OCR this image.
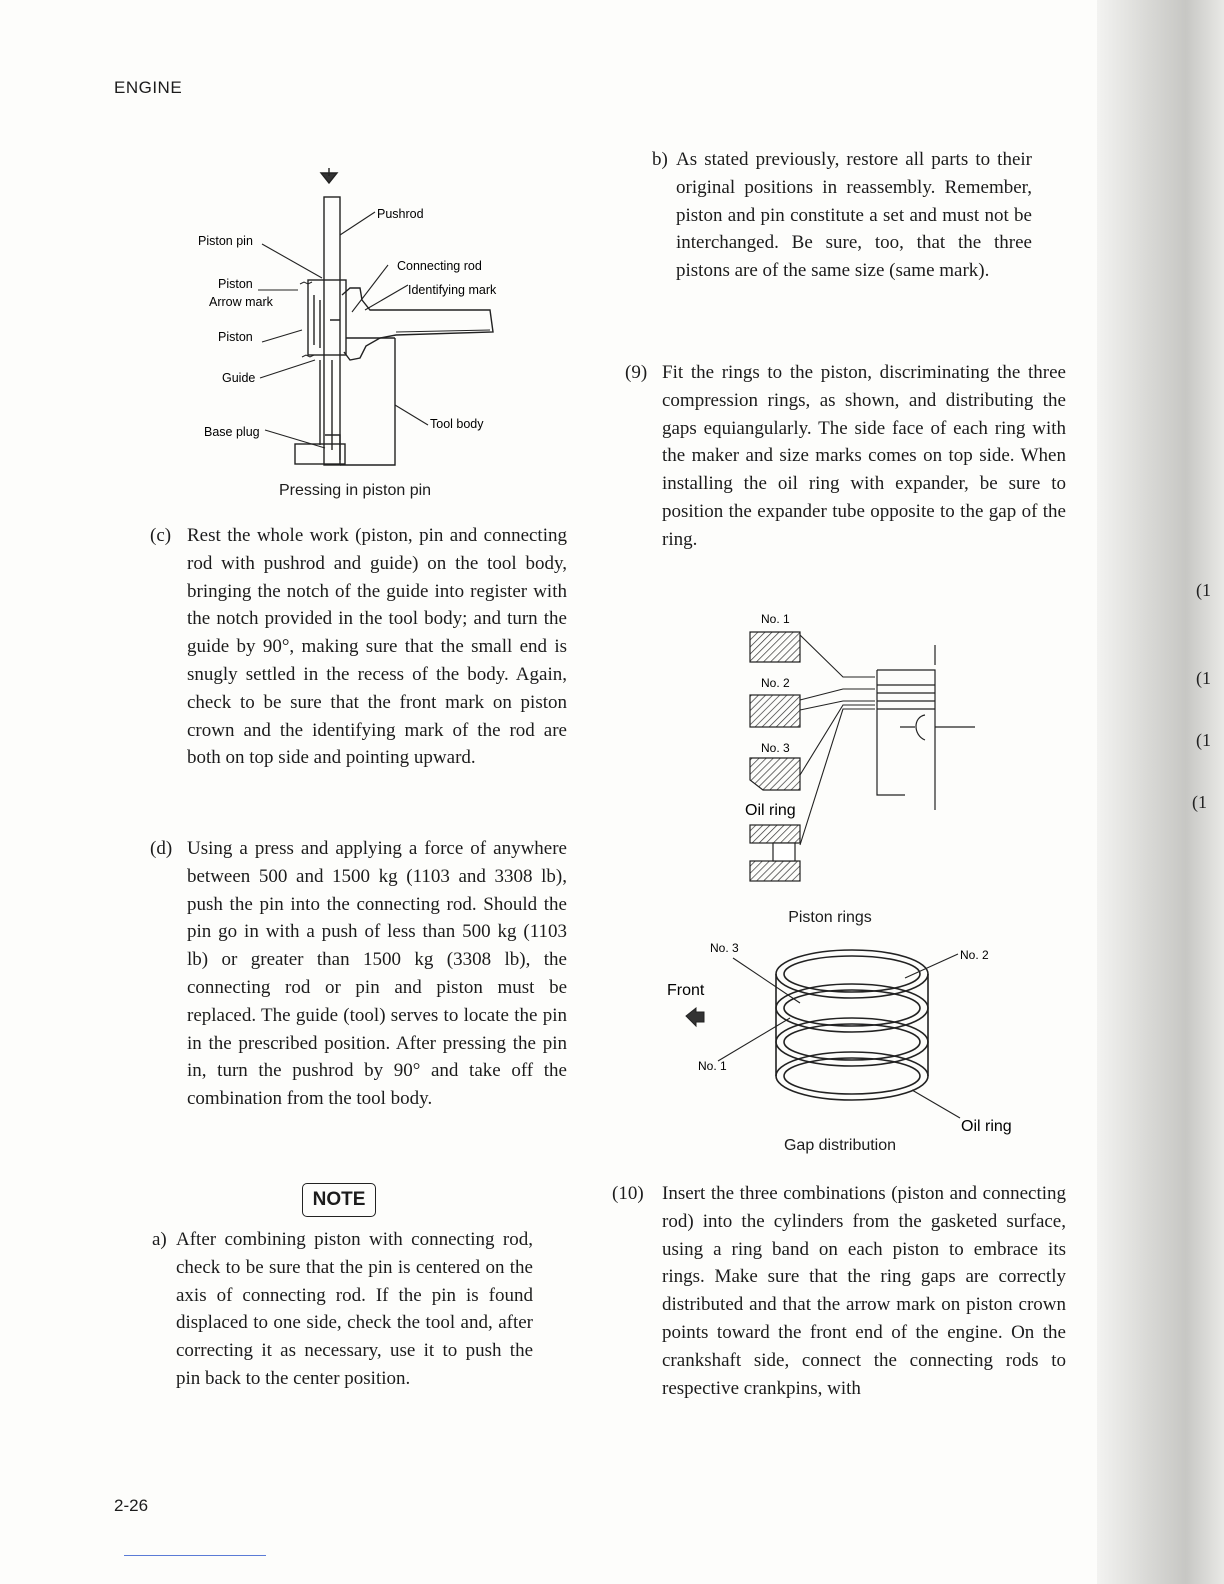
ENGINE
Pushrod
Piston pin
Connecting rod
Piston	Identifying mark
Arrow mark
Piston
Guide
Tool body
Base plug
Pressing in piston pin
(c) Rest the whole work (piston, pin and connecting rod with pushrod and guide) on the tool body, bringing the notch of the guide into register with the notch provided in the tool body; and turn the guide by 90°, making sure that the small end is snugly settled in the recess of the body. Again, check to be sure that the front mark on piston crown and the identifying mark of the rod are both on top side and pointing upward.
(d) Using a press and applying a force of anywhere between 500 and 1500 kg (1103 and 3308 lb), push the pin into the connecting rod. Should the pin go in with a push of less than 500 kg (1103 lb) or greater than 1500 kg (3308 lb), the connecting rod or pin and piston must be replaced. The guide (tool) serves to locate the pin in the prescribed position. After pressing the pin in, turn the pushrod by 90° and take off the combination from the tool body.
NOTE
a) After combining piston with connecting rod, check to be sure that the pin is centered on the axis of connecting rod. If the pin is found displaced to one side, check the tool and, after correcting it as necessary, use it to push the pin back to the center position.
b) As stated previously, restore all parts to their original positions in reassembly. Remember, piston and pin constitute a set and must not be interchanged. Be sure, too, that the three pistons are of the same size (same mark).
(9) Fit the rings to the piston, discriminating the three compression rings, as shown, and distributing the gaps equiangularly. The side face of each ring with the maker and size marks comes on top side. When installing the oil ring with expander, be sure to position the expander tube opposite to the gap of the ring.
No. 1
No. 2
No. 3
Oil ring
Piston rings
No. 3	No. 2
Front
No. 1
Oil ring
Gap distribution
(10) Insert the three combinations (piston and connecting rod) into the cylinders from the gasketed surface, using a ring band on each piston to embrace its rings. Make sure that the ring gaps are correctly distributed and that the arrow mark on piston crown points toward the front end of the engine. On the crankshaft side, connect the connecting rods to respective crankpins, with
2-26
(1
(1
(1
(1
